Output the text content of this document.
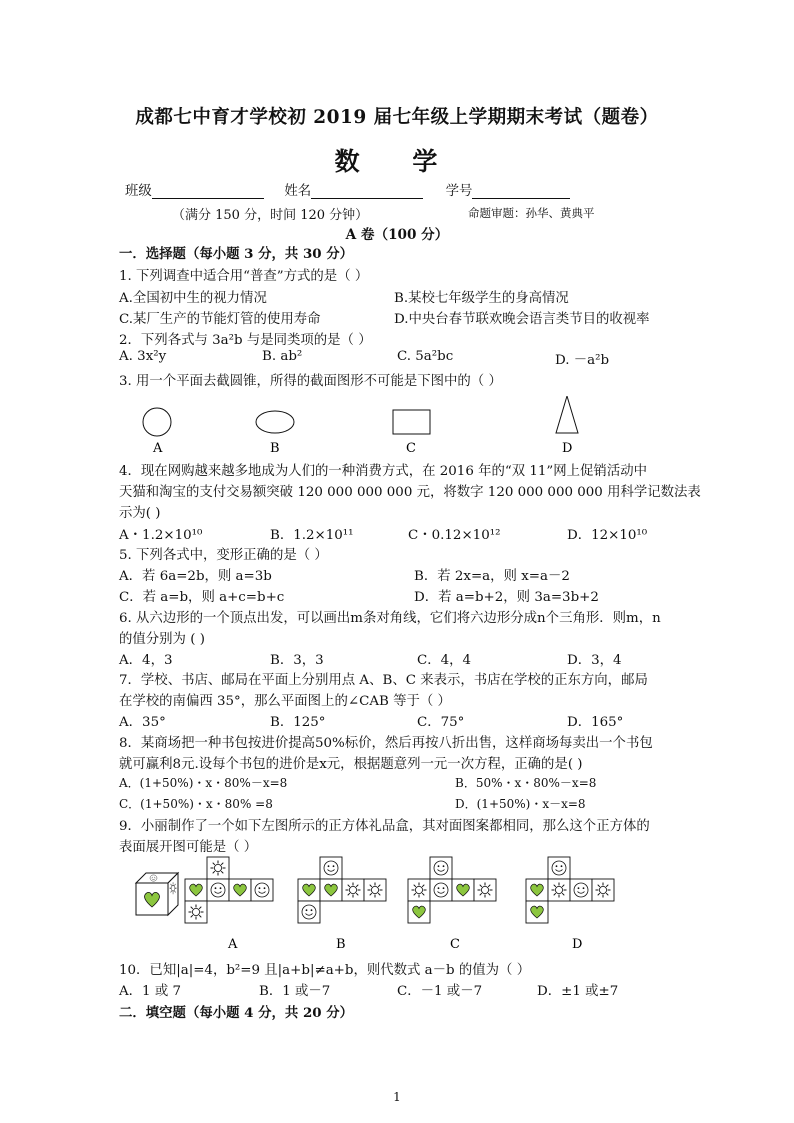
成都七中育才学校初 2019 届七年级上学期期末考试（题卷）
数 学
班级	姓名	学号
（满分 150 分，时间 120 分钟）	命题审题：孙华、黄典平
A 卷（100 分）
一．选择题（每小题 3 分，共 30 分）
1. 下列调查中适合用“普查”方式的是（ ）
A.全国初中生的视力情况	B.某校七年级学生的身高情况
C.某厂生产的节能灯管的使用寿命	D.中央台春节联欢晚会语言类节目的收视率
2．下列各式与 3a²b 与是同类项的是（ ）
A. 3x²y	B. ab²	C. 5a²bc	D. －a²b
3. 用一个平面去截圆锥，所得的截面图形不可能是下图中的（ ）
A	B	C	D
4．现在网购越来越多地成为人们的一种消费方式，在 2016 年的“双 11”网上促销活动中
天猫和淘宝的支付交易额突破 120 000 000 000 元，将数字 120 000 000 000 用科学记数法表
示为( )
A・1.2×10¹⁰	B．1.2×10¹¹	C・0.12×10¹²	D．12×10¹⁰
5. 下列各式中，变形正确的是（ ）
A．若 6a=2b，则 a=3b	B．若 2x=a，则 x=a－2
C．若 a=b，则 a+c=b+c	D．若 a=b+2，则 3a=3b+2
6. 从六边形的一个顶点出发，可以画出m条对角线，它们将六边形分成n个三角形．则m，n
的值分别为 ( )
A．4，3	B．3，3	C．4，4	D．3，4
7．学校、书店、邮局在平面上分别用点 A、B、C 来表示，书店在学校的正东方向，邮局
在学校的南偏西 35°，那么平面图上的∠CAB 等于（ ）
A．35°	B．125°	C．75°	D．165°
8．某商场把一种书包按进价提高50%标价，然后再按八折出售，这样商场每卖出一个书包
就可赢利8元.设每个书包的进价是x元，根据题意列一元一次方程，正确的是( )
A．(1+50%)・x・80%－x=8	B．50%・x・80%－x=8
C．(1+50%)・x・80% =8	D．(1+50%)・x－x=8
9．小丽制作了一个如下左图所示的正方体礼品盒，其对面图案都相同，那么这个正方体的
表面展开图可能是（ ）
A	B	C	D
10．已知|a|=4，b²=9 且|a+b|≠a+b，则代数式 a－b 的值为（ ）
A．1 或 7	B．1 或－7	C．－1 或－7	D．±1 或±7
二．填空题（每小题 4 分，共 20 分）
1
